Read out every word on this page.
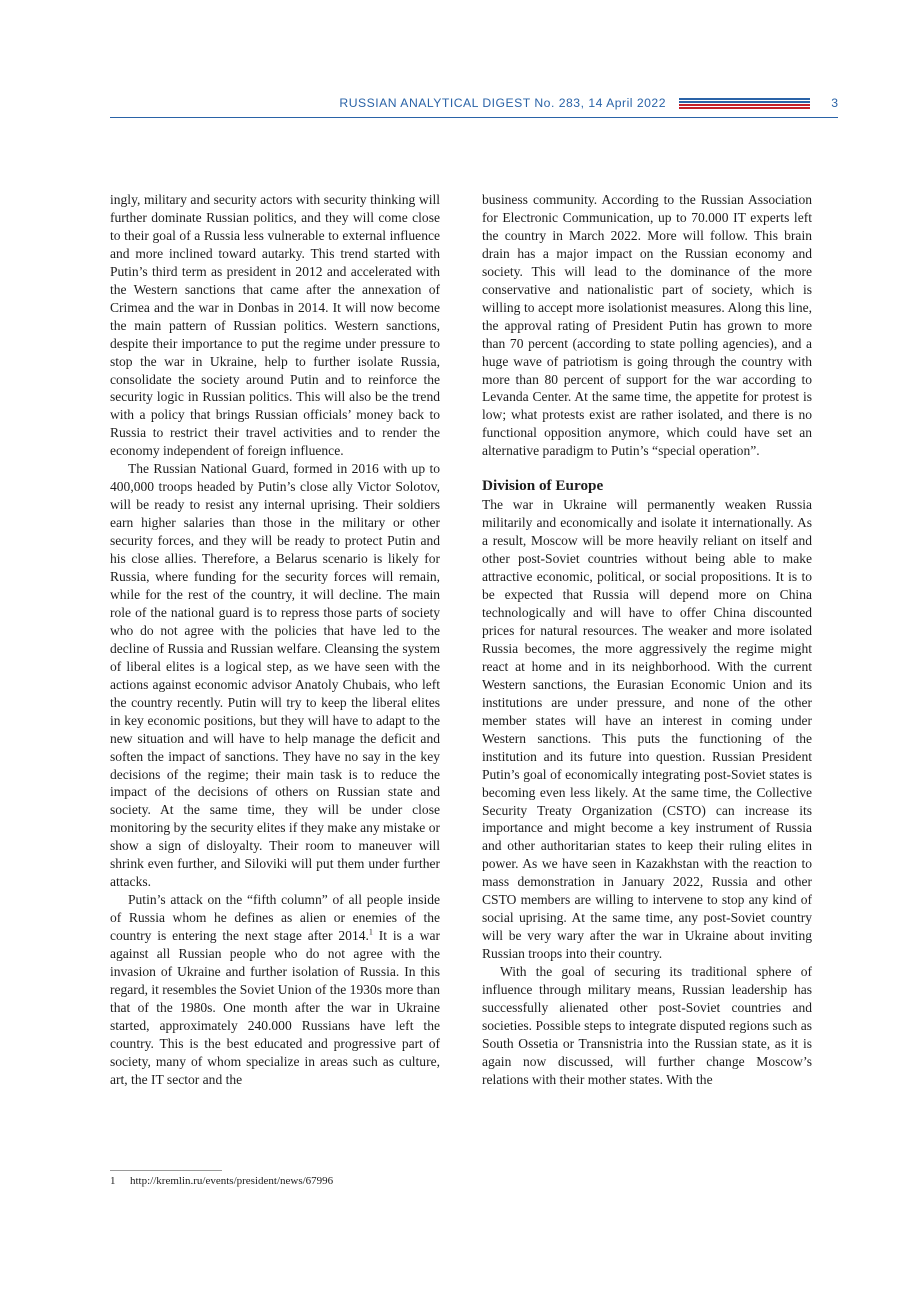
RUSSIAN ANALYTICAL DIGEST No. 283, 14 April 2022	3

ingly, military and security actors with security thinking will further dominate Russian politics, and they will come close to their goal of a Russia less vulnerable to external influence and more inclined toward autarky. This trend started with Putin’s third term as president in 2012 and accelerated with the Western sanctions that came after the annexation of Crimea and the war in Donbas in 2014. It will now become the main pattern of Russian politics. Western sanctions, despite their importance to put the regime under pressure to stop the war in Ukraine, help to further isolate Russia, consolidate the society around Putin and to reinforce the security logic in Russian politics. This will also be the trend with a policy that brings Russian officials’ money back to Russia to restrict their travel activities and to render the economy independent of foreign influence.

The Russian National Guard, formed in 2016 with up to 400,000 troops headed by Putin’s close ally Victor Solotov, will be ready to resist any internal uprising. Their soldiers earn higher salaries than those in the military or other security forces, and they will be ready to protect Putin and his close allies. Therefore, a Belarus scenario is likely for Russia, where funding for the security forces will remain, while for the rest of the country, it will decline. The main role of the national guard is to repress those parts of society who do not agree with the policies that have led to the decline of Russia and Russian welfare. Cleansing the system of liberal elites is a logical step, as we have seen with the actions against economic advisor Anatoly Chubais, who left the country recently. Putin will try to keep the liberal elites in key economic positions, but they will have to adapt to the new situation and will have to help manage the deficit and soften the impact of sanctions. They have no say in the key decisions of the regime; their main task is to reduce the impact of the decisions of others on Russian state and society. At the same time, they will be under close monitoring by the security elites if they make any mistake or show a sign of disloyalty. Their room to maneuver will shrink even further, and Siloviki will put them under further attacks.

Putin’s attack on the “fifth column” of all people inside of Russia whom he defines as alien or enemies of the country is entering the next stage after 2014.$^1$ It is a war against all Russian people who do not agree with the invasion of Ukraine and further isolation of Russia. In this regard, it resembles the Soviet Union of the 1930s more than that of the 1980s. One month after the war in Ukraine started, approximately 240.000 Russians have left the country. This is the best educated and progressive part of society, many of whom specialize in areas such as culture, art, the IT sector and the

business community. According to the Russian Association for Electronic Communication, up to 70.000 IT experts left the country in March 2022. More will follow. This brain drain has a major impact on the Russian economy and society. This will lead to the dominance of the more conservative and nationalistic part of society, which is willing to accept more isolationist measures. Along this line, the approval rating of President Putin has grown to more than 70 percent (according to state polling agencies), and a huge wave of patriotism is going through the country with more than 80 percent of support for the war according to Levanda Center. At the same time, the appetite for protest is low; what protests exist are rather isolated, and there is no functional opposition anymore, which could have set an alternative paradigm to Putin’s “special operation”.

Division of Europe

The war in Ukraine will permanently weaken Russia militarily and economically and isolate it internationally. As a result, Moscow will be more heavily reliant on itself and other post-Soviet countries without being able to make attractive economic, political, or social propositions. It is to be expected that Russia will depend more on China technologically and will have to offer China discounted prices for natural resources. The weaker and more isolated Russia becomes, the more aggressively the regime might react at home and in its neighborhood. With the current Western sanctions, the Eurasian Economic Union and its institutions are under pressure, and none of the other member states will have an interest in coming under Western sanctions. This puts the functioning of the institution and its future into question. Russian President Putin’s goal of economically integrating post-Soviet states is becoming even less likely. At the same time, the Collective Security Treaty Organization (CSTO) can increase its importance and might become a key instrument of Russia and other authoritarian states to keep their ruling elites in power. As we have seen in Kazakhstan with the reaction to mass demonstration in January 2022, Russia and other CSTO members are willing to intervene to stop any kind of social uprising. At the same time, any post-Soviet country will be very wary after the war in Ukraine about inviting Russian troops into their country.

With the goal of securing its traditional sphere of influence through military means, Russian leadership has successfully alienated other post-Soviet countries and societies. Possible steps to integrate disputed regions such as South Ossetia or Transnistria into the Russian state, as it is again now discussed, will further change Moscow’s relations with their mother states. With the

1 http://kremlin.ru/events/president/news/67996
